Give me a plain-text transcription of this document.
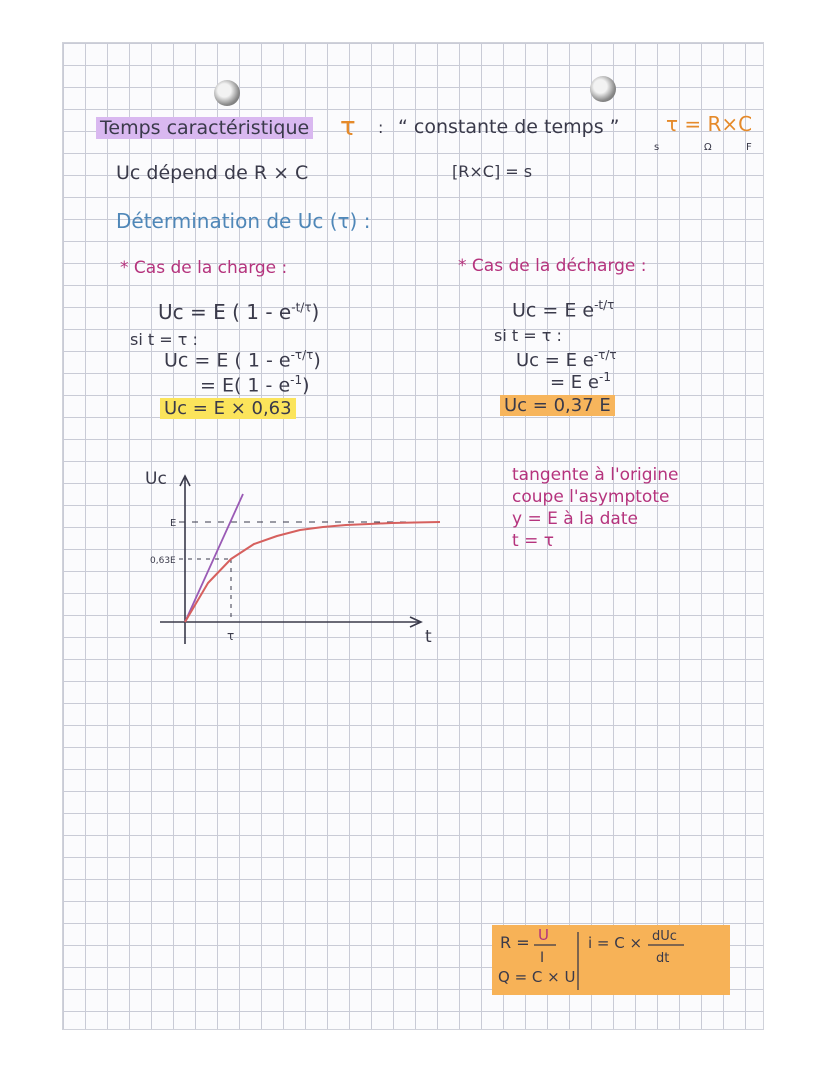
Temps caractéristique τ : “ constante de temps ” τ = R×C
s	Ω	F
Uc dépend de R × C	[R×C] = s
Détermination de Uc (τ) :
* Cas de la charge :
Uc = E ( $1 - e^{-t/\tau}$)
si t = τ :
Uc = E ( $1 - e^{-\tau/\tau}$)
= E( $1 - e^{-1}$)
Uc = E × 0,63
* Cas de la décharge :
Uc = E $e^{-t/\tau}$
si t = τ :
Uc = E $e^{-\tau/\tau}$
= E $e^{-1}$
Uc = 0,37 E
tangente à l'origine
coupe l'asymptote
y = E à la date
t = τ
Uc
t
E
0,63E
τ
R = U
I
Q = C × U
i = C × dUc
dt
